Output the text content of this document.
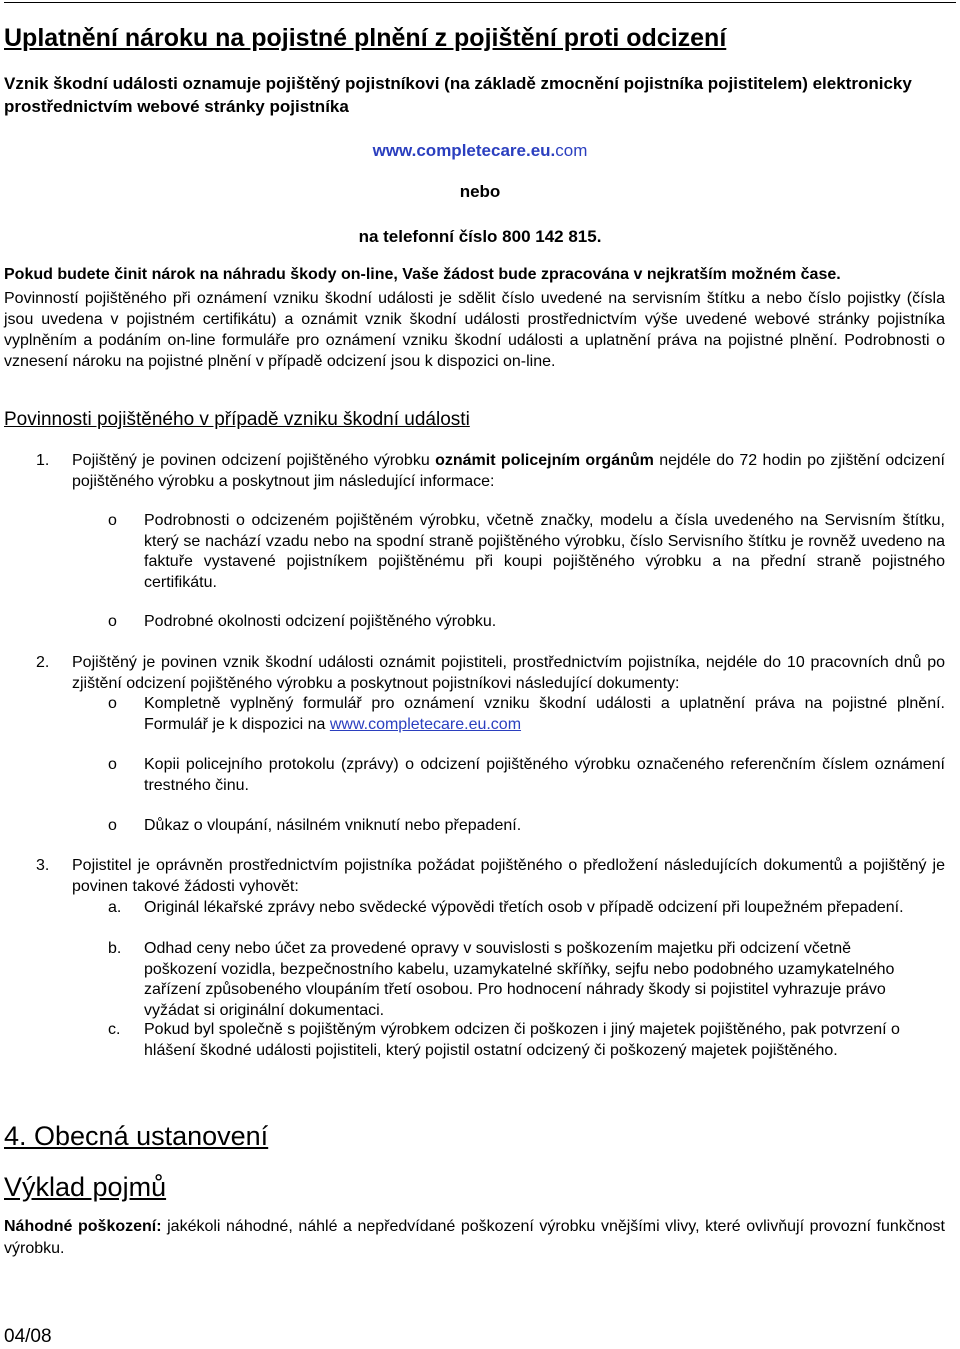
Uplatnění nároku na pojistné plnění z pojištění proti odcizení

Vznik škodní události oznamuje pojištěný pojistníkovi (na základě zmocnění pojistníka pojistitelem) elektronicky prostřednictvím webové stránky pojistníka

www.completecare.eu.com

nebo

na telefonní číslo 800 142 815.

Pokud budete činit nárok na náhradu škody on-line, Vaše žádost bude zpracována v nejkratším možném čase.

Povinností pojištěného při oznámení vzniku škodní události je sdělit číslo uvedené na servisním štítku a nebo číslo pojistky (čísla jsou uvedena v pojistném certifikátu) a oznámit vznik škodní události prostřednictvím výše uvedené webové stránky pojistníka vyplněním a podáním on-line formuláře pro oznámení vzniku škodní události a uplatnění práva na pojistné plnění. Podrobnosti o vznesení nároku na pojistné plnění v případě odcizení jsou k dispozici on-line.

Povinnosti pojištěného v případě vzniku škodní události

1. Pojištěný je povinen odcizení pojištěného výrobku oznámit policejním orgánům nejdéle do 72 hodin po zjištění odcizení pojištěného výrobku a poskytnout jim následující informace:

o Podrobnosti o odcizeném pojištěném výrobku, včetně značky, modelu a čísla uvedeného na Servisním štítku, který se nachází vzadu nebo na spodní straně pojištěného výrobku, číslo Servisního štítku je rovněž uvedeno na faktuře vystavené pojistníkem pojištěnému při koupi pojištěného výrobku a na přední straně pojistného certifikátu.

o Podrobné okolnosti odcizení pojištěného výrobku.

2. Pojištěný je povinen vznik škodní události oznámit pojistiteli, prostřednictvím pojistníka, nejdéle do 10 pracovních dnů po zjištění odcizení pojištěného výrobku a poskytnout pojistníkovi následující dokumenty:

o Kompletně vyplněný formulář pro oznámení vzniku škodní události a uplatnění práva na pojistné plnění. Formulář je k dispozici na www.completecare.eu.com

o Kopii policejního protokolu (zprávy) o odcizení pojištěného výrobku označeného referenčním číslem oznámení trestného činu.

o Důkaz o vloupání, násilném vniknutí nebo přepadení.

3. Pojistitel je oprávněn prostřednictvím pojistníka požádat pojištěného o předložení následujících dokumentů a pojištěný je povinen takové žádosti vyhovět:

a. Originál lékařské zprávy nebo svědecké výpovědi třetích osob v případě odcizení při loupežném přepadení.

b. Odhad ceny nebo účet za provedené opravy v souvislosti s poškozením majetku při odcizení včetně poškození vozidla, bezpečnostního kabelu, uzamykatelné skříňky, sejfu nebo podobného uzamykatelného zařízení způsobeného vloupáním třetí osobou. Pro hodnocení náhrady škody si pojistitel vyhrazuje právo vyžádat si originální dokumentaci.

c. Pokud byl společně s pojištěným výrobkem odcizen či poškozen i jiný majetek pojištěného, pak potvrzení o hlášení škodné události pojistiteli, který pojistil ostatní odcizený či poškozený majetek pojištěného.

4. Obecná ustanovení
Výklad pojmů

Náhodné poškození: jakékoli náhodné, náhlé a nepředvídané poškození výrobku vnějšími vlivy, které ovlivňují provozní funkčnost výrobku.

04/08
